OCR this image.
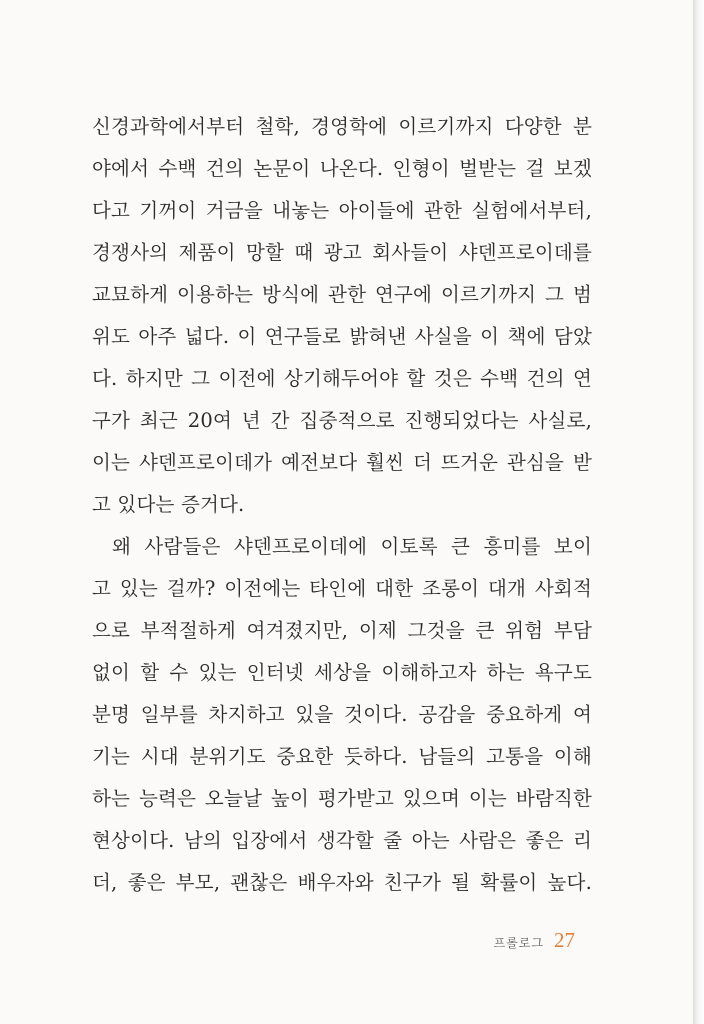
신경과학에서부터 철학, 경영학에 이르기까지 다양한 분
야에서 수백 건의 논문이 나온다. 인형이 벌받는 걸 보겠
다고 기꺼이 거금을 내놓는 아이들에 관한 실험에서부터,
경쟁사의 제품이 망할 때 광고 회사들이 샤덴프로이데를
교묘하게 이용하는 방식에 관한 연구에 이르기까지 그 범
위도 아주 넓다. 이 연구들로 밝혀낸 사실을 이 책에 담았
다. 하지만 그 이전에 상기해두어야 할 것은 수백 건의 연
구가 최근 20여 년 간 집중적으로 진행되었다는 사실로,
이는 샤덴프로이데가 예전보다 훨씬 더 뜨거운 관심을 받
고 있다는 증거다.
왜 사람들은 샤덴프로이데에 이토록 큰 흥미를 보이
고 있는 걸까? 이전에는 타인에 대한 조롱이 대개 사회적
으로 부적절하게 여겨졌지만, 이제 그것을 큰 위험 부담
없이 할 수 있는 인터넷 세상을 이해하고자 하는 욕구도
분명 일부를 차지하고 있을 것이다. 공감을 중요하게 여
기는 시대 분위기도 중요한 듯하다. 남들의 고통을 이해
하는 능력은 오늘날 높이 평가받고 있으며 이는 바람직한
현상이다. 남의 입장에서 생각할 줄 아는 사람은 좋은 리
더, 좋은 부모, 괜찮은 배우자와 친구가 될 확률이 높다.
프롤로그 27
